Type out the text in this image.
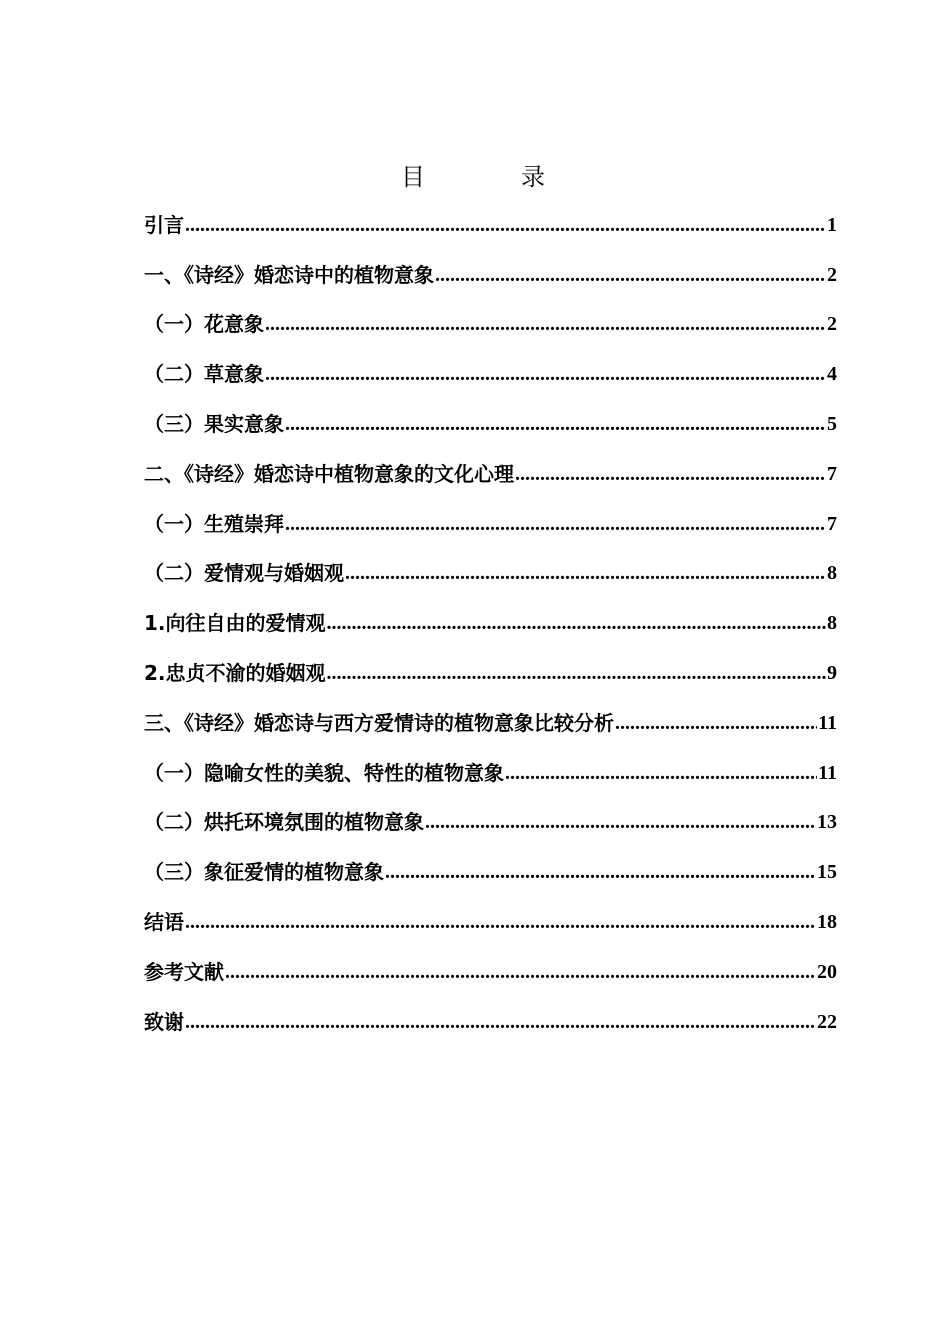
目　录
引言 .....	1
一、《诗经》婚恋诗中的植物意象 .....	2
（一）花意象 .....	2
（二）草意象 .....	4
（三）果实意象 .....	5
二、《诗经》婚恋诗中植物意象的文化心理 .....	7
（一）生殖崇拜 .....	7
（二）爱情观与婚姻观 .....	8
1.向往自由的爱情观 .....	8
2.忠贞不渝的婚姻观 .....	9
三、《诗经》婚恋诗与西方爱情诗的植物意象比较分析 .....	11
（一）隐喻女性的美貌、特性的植物意象 .....	11
（二）烘托环境氛围的植物意象 .....	13
（三）象征爱情的植物意象 .....	15
结语 .....	18
参考文献 .....	20
致谢 .....	22
